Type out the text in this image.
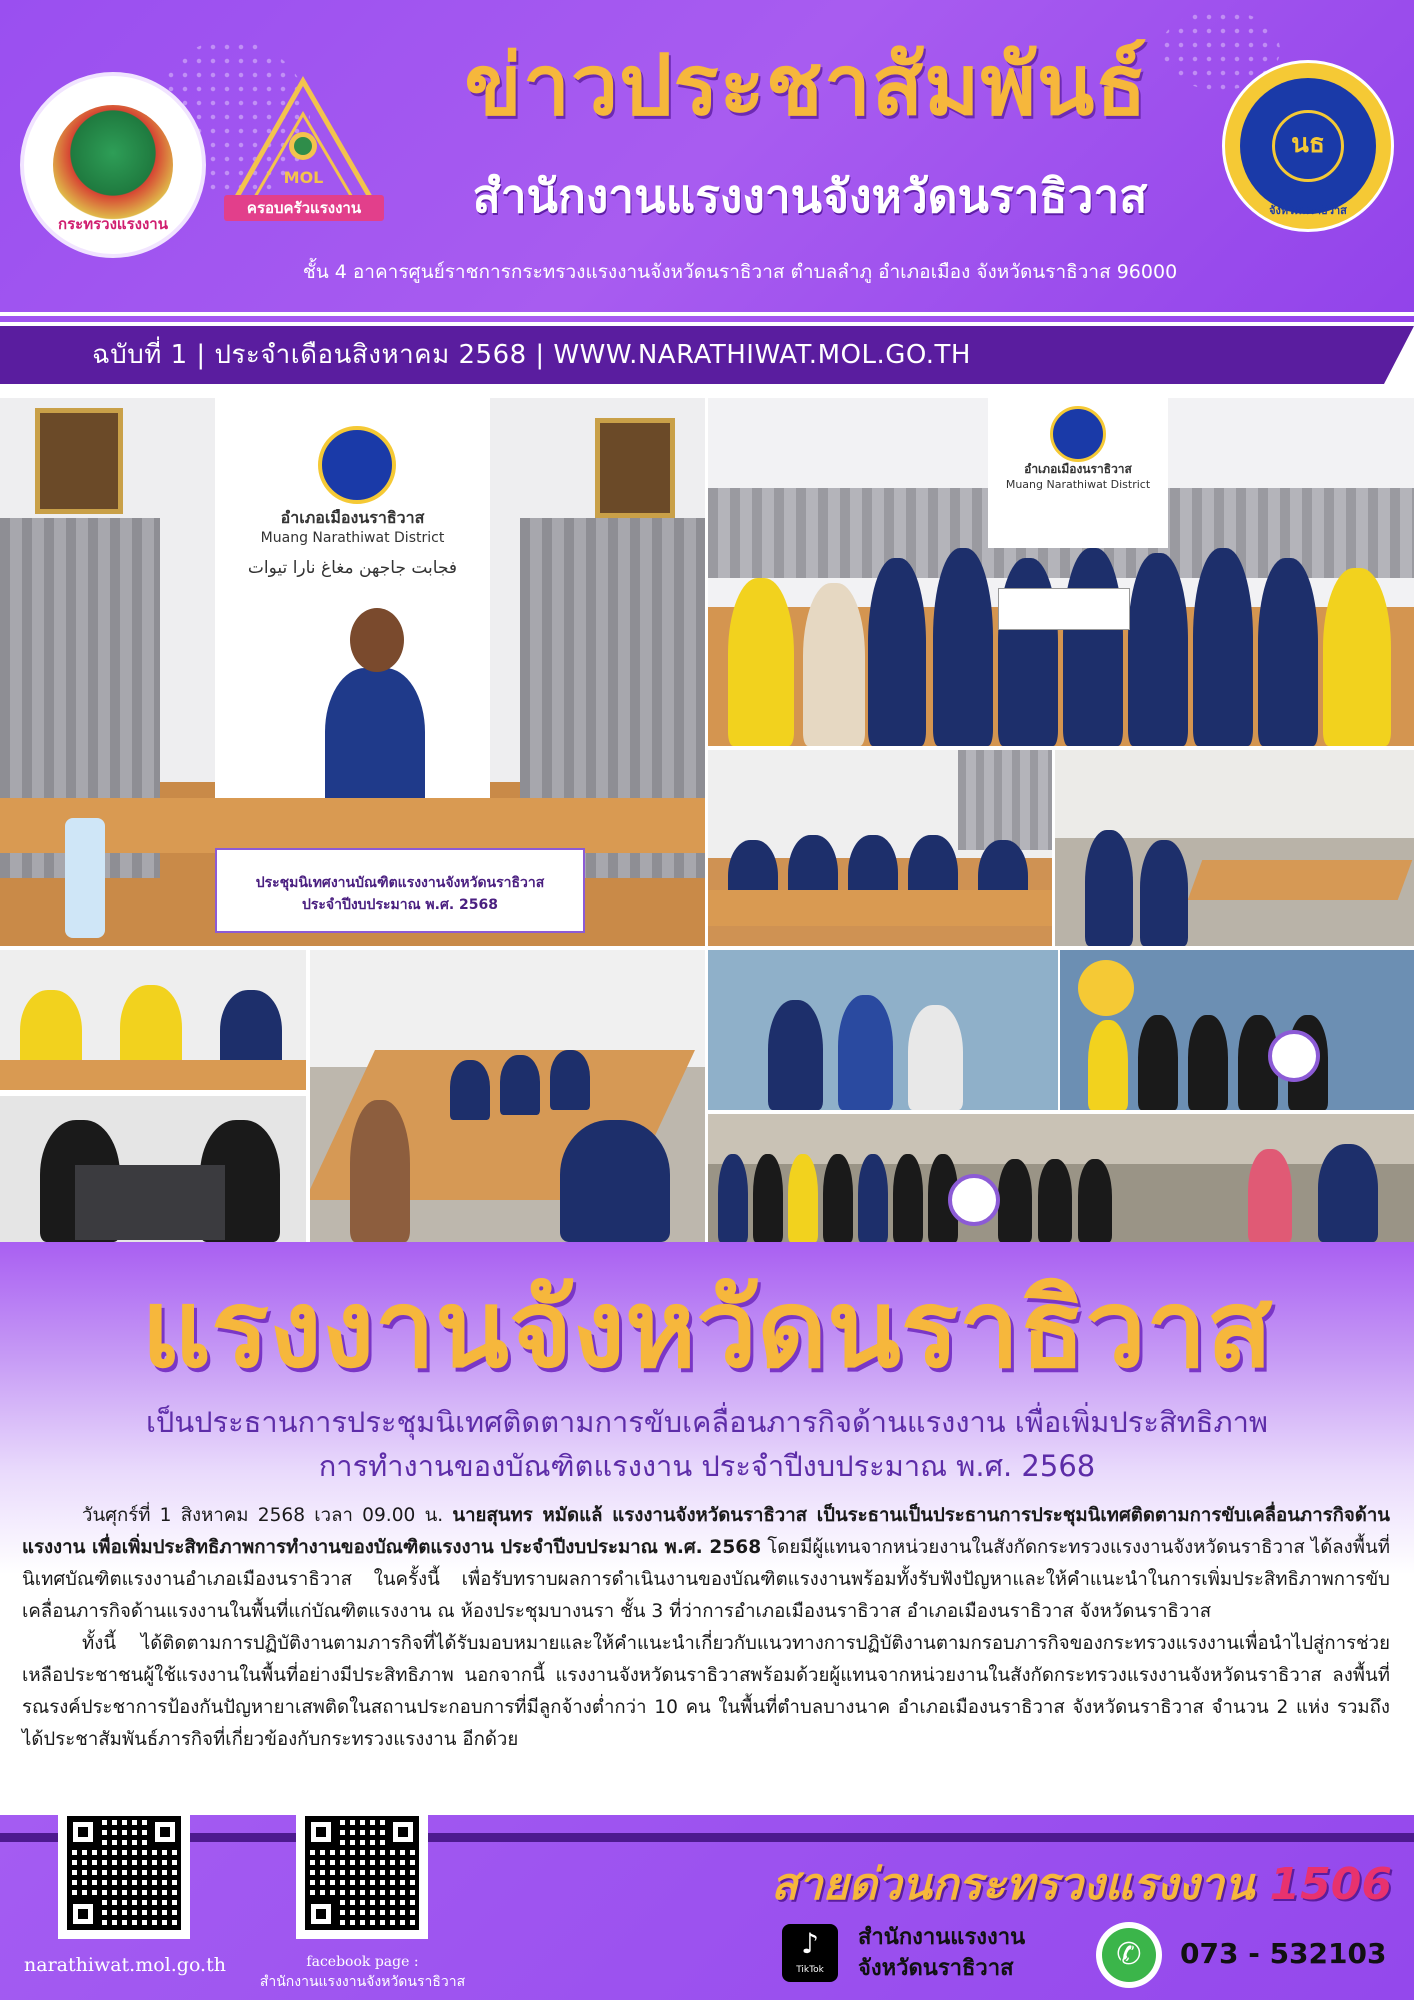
กระทรวงแรงงาน
MOL
ครอบครัวแรงงาน
นธ
จังหวัดนราธิวาส
ข่าวประชาสัมพันธ์
สำนักงานแรงงานจังหวัดนราธิวาส
ชั้น 4 อาคารศูนย์ราชการกระทรวงแรงงานจังหวัดนราธิวาส ตำบลลำภู อำเภอเมือง จังหวัดนราธิวาส 96000
ฉบับที่ 1 | ประจำเดือนสิงหาคม 2568 | WWW.NARATHIWAT.MOL.GO.TH
อำเภอเมืองนราธิวาส
Muang Narathiwat District
فجابت جاجهن مغاغ نارا تيوات
ประชุมนิเทศงานบัณฑิตแรงงานจังหวัดนราธิวาส
ประจำปีงบประมาณ พ.ศ. 2568
อำเภอเมืองนราธิวาส
Muang Narathiwat District
แรงงานจังหวัดนราธิวาส
เป็นประธานการประชุมนิเทศติดตามการขับเคลื่อนภารกิจด้านแรงงาน เพื่อเพิ่มประสิทธิภาพ
การทำงานของบัณฑิตแรงงาน ประจำปีงบประมาณ พ.ศ. 2568

วันศุกร์ที่ 1 สิงหาคม 2568 เวลา 09.00 น. นายสุนทร หมัดแล้ แรงงานจังหวัดนราธิวาส เป็นระธานเป็นประธานการประชุมนิเทศติดตามการขับเคลื่อนภารกิจด้านแรงงาน เพื่อเพิ่มประสิทธิภาพการทำงานของบัณฑิตแรงงาน ประจำปีงบประมาณ พ.ศ. 2568 โดยมีผู้แทนจากหน่วยงานในสังกัดกระทรวงแรงงานจังหวัดนราธิวาส ได้ลงพื้นที่นิเทศบัณฑิตแรงงานอำเภอเมืองนราธิวาส ในครั้งนี้ เพื่อรับทราบผลการดำเนินงานของบัณฑิตแรงงานพร้อมทั้งรับฟังปัญหาและให้คำแนะนำในการเพิ่มประสิทธิภาพการขับเคลื่อนภารกิจด้านแรงงานในพื้นที่แก่บัณฑิตแรงงาน ณ ห้องประชุมบางนรา ชั้น 3 ที่ว่าการอำเภอเมืองนราธิวาส อำเภอเมืองนราธิวาส จังหวัดนราธิวาส

ทั้งนี้ ได้ติดตามการปฏิบัติงานตามภารกิจที่ได้รับมอบหมายและให้คำแนะนำเกี่ยวกับแนวทางการปฏิบัติงานตามกรอบภารกิจของกระทรวงแรงงานเพื่อนำไปสู่การช่วยเหลือประชาชนผู้ใช้แรงงานในพื้นที่อย่างมีประสิทธิภาพ นอกจากนี้ แรงงานจังหวัดนราธิวาสพร้อมด้วยผู้แทนจากหน่วยงานในสังกัดกระทรวงแรงงานจังหวัดนราธิวาส ลงพื้นที่รณรงค์ประชาการป้องกันปัญหายาเสพติดในสถานประกอบการที่มีลูกจ้างต่ำกว่า 10 คน ในพื้นที่ตำบลบางนาค อำเภอเมืองนราธิวาส จังหวัดนราธิวาส จำนวน 2 แห่ง รวมถึงได้ประชาสัมพันธ์ภารกิจที่เกี่ยวข้องกับกระทรวงแรงงาน อีกด้วย

narathiwat.mol.go.th	facebook page :
สำนักงานแรงงานจังหวัดนราธิวาส
สายด่วนกระทรวงแรงงาน 1506
♪
TikTok
สำนักงานแรงงาน
จังหวัดนราธิวาส	✆	073 - 532103
